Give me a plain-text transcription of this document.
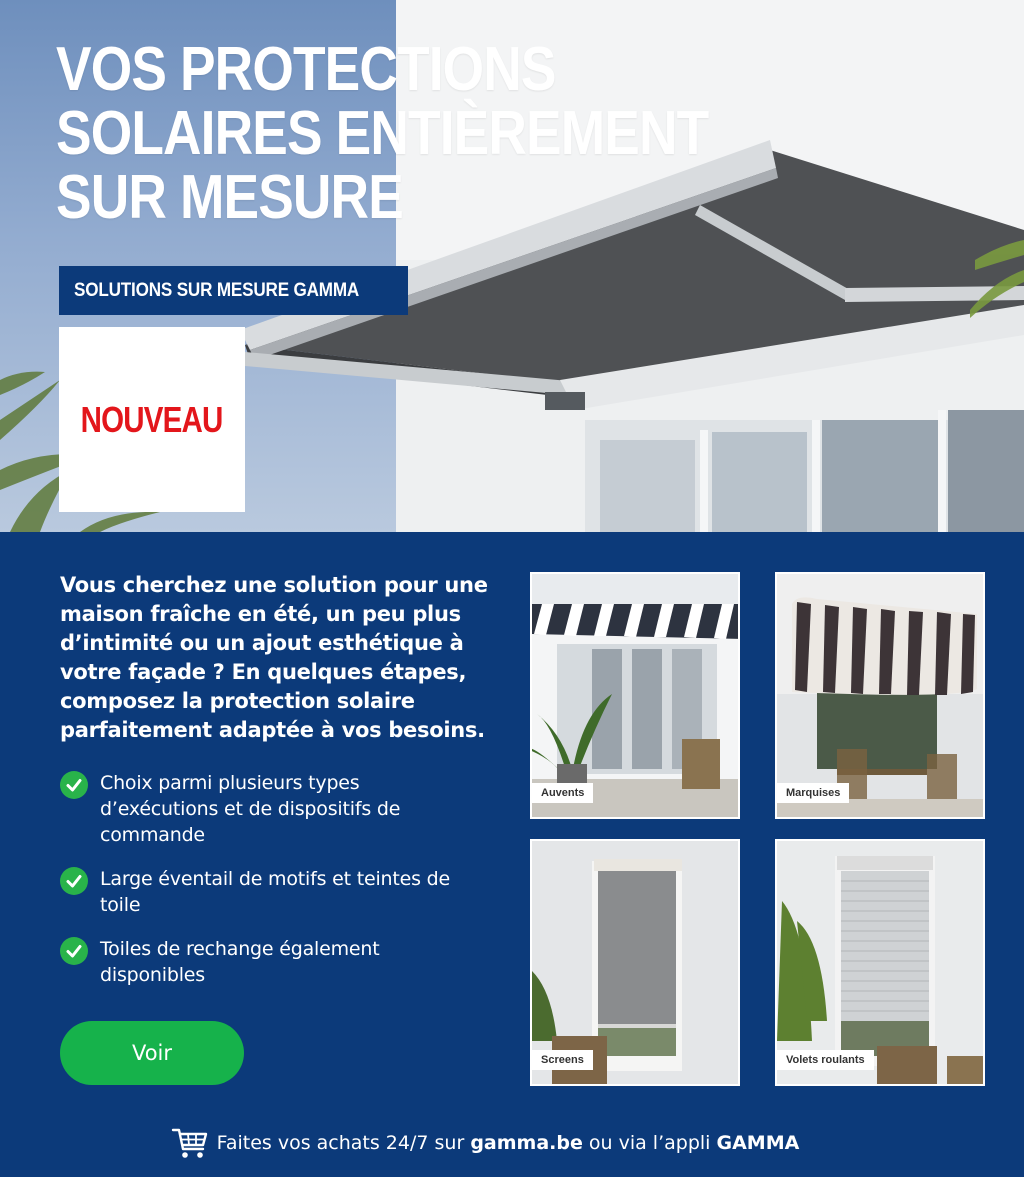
VOS PROTECTIONS
SOLAIRES ENTIÈREMENT
SUR MESURE
SOLUTIONS SUR MESURE GAMMA
NOUVEAU

Vous cherchez une solution pour une maison fraîche en été, un peu plus d’intimité ou un ajout esthétique à votre façade ? En quelques étapes, composez la protection solaire parfaitement adaptée à vos besoins.

Choix parmi plusieurs types d’exécutions et de dispositifs de commande
Large éventail de motifs et teintes de toile
Toiles de rechange également disponibles
Voir
Auvents	Marquises
Screens	Volets roulants
Faites vos achats 24/7 sur gamma.be ou via l’appli GAMMA
